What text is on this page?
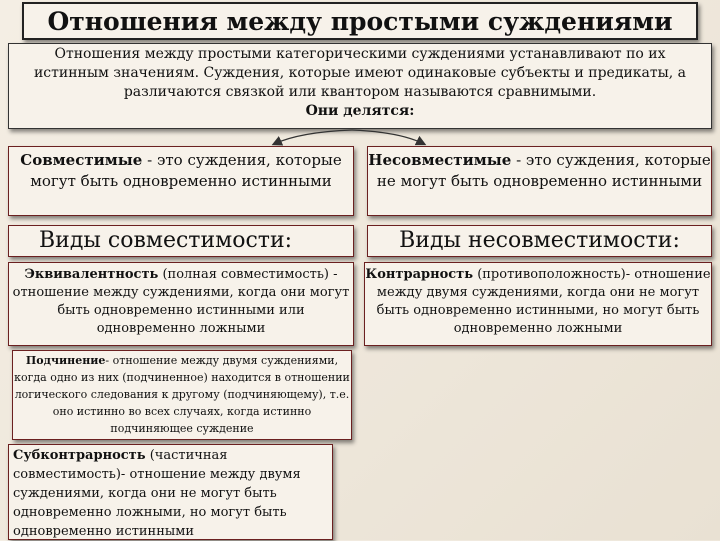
Отношения между простыми суждениями
Отношения между простыми категорическими суждениями устанавливают по их истинным значениям. Суждения, которые имеют одинаковые субъекты и предикаты, а различаются связкой или квантором называются сравнимыми.
Они делятся:
Совместимые - это суждения, которые могут быть одновременно истинными
Несовместимые - это суждения, которые не могут быть одновременно истинными
Виды совместимости:	Виды несовместимости:
Эквивалентность (полная совместимость) - отношение между суждениями, когда они могут быть одновременно истинными или одновременно ложными
Контрарность (противоположность)- отношение между двумя суждениями, когда они не могут быть одновременно истинными, но могут быть одновременно ложными
Подчинение- отношение между двумя суждениями, когда одно из них (подчиненное) находится в отношении логического следования к другому (подчиняющему), т.е. оно истинно во всех случаях, когда истинно подчиняющее суждение
Субконтрарность (частичная совместимость)- отношение между двумя суждениями, когда они не могут быть одновременно ложными, но могут быть одновременно истинными
